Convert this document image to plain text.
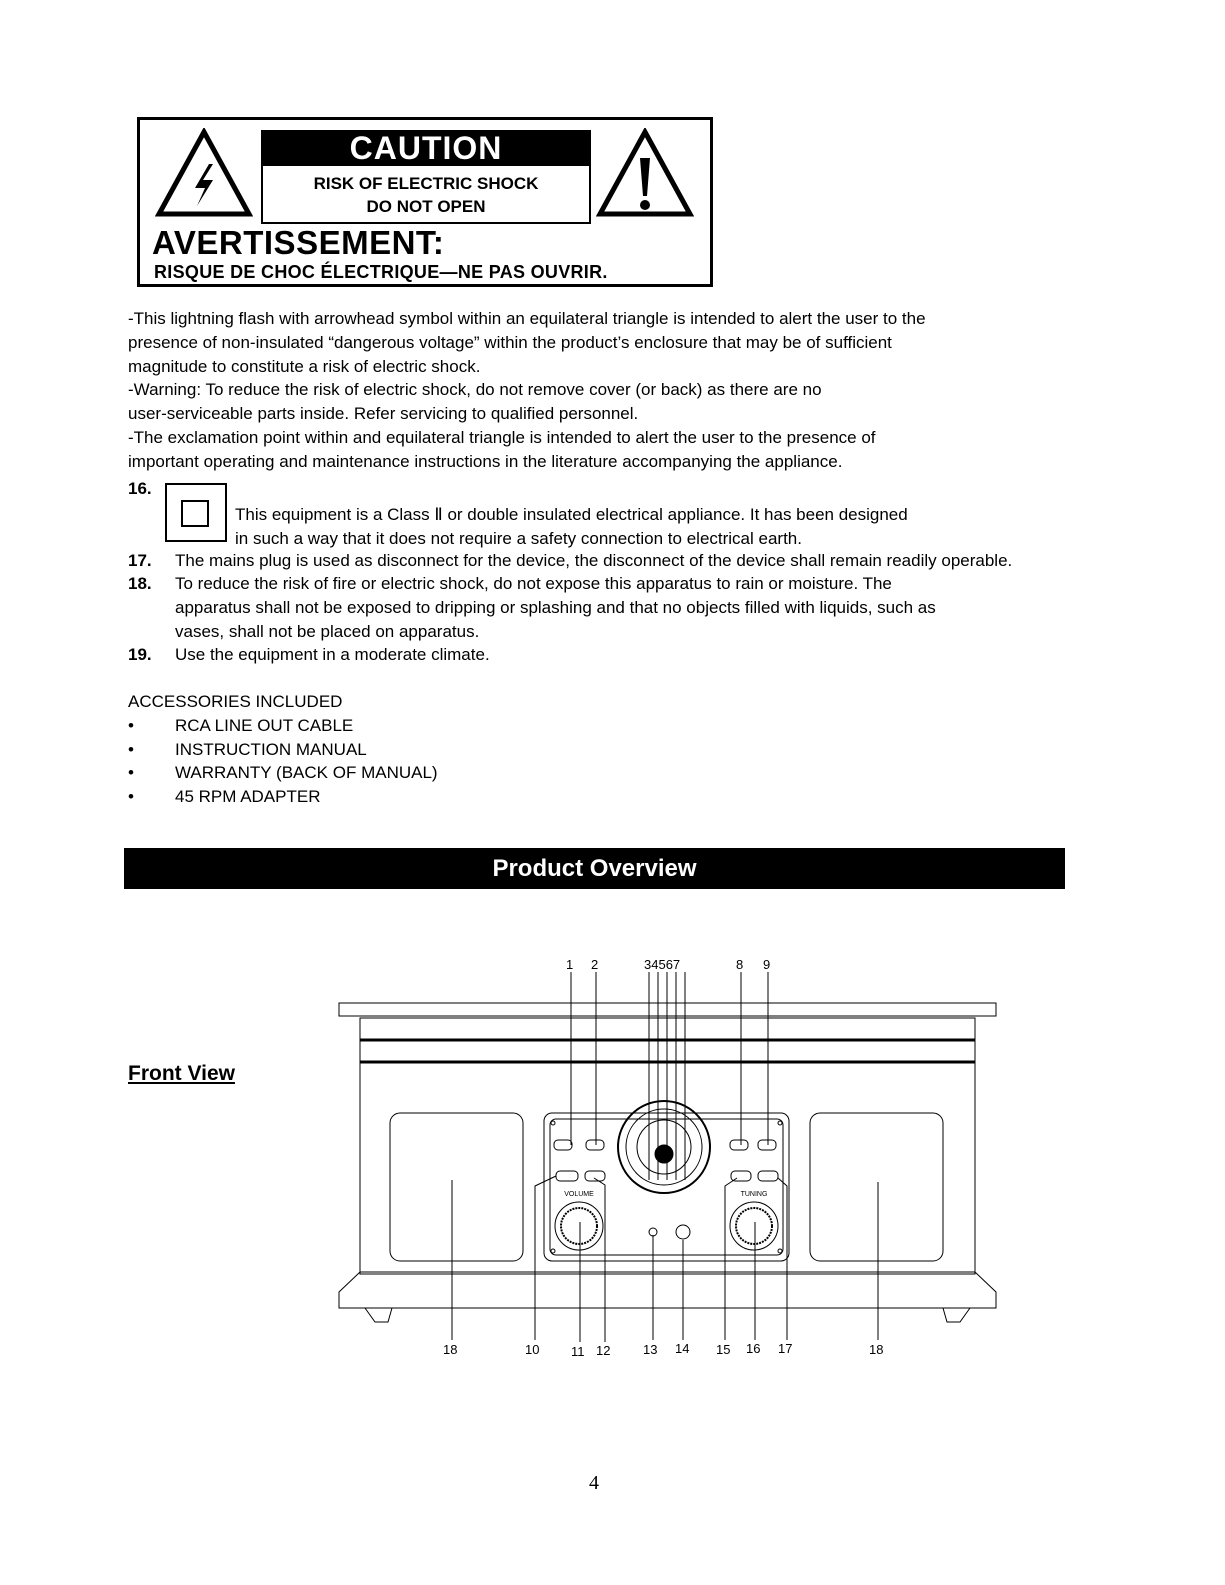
CAUTION
RISK OF ELECTRIC SHOCK
DO NOT OPEN
AVERTISSEMENT:
RISQUE DE CHOC ÉLECTRIQUE—NE PAS OUVRIR.
-This lightning flash with arrowhead symbol within an equilateral triangle is intended to alert the user to the
presence of non-insulated “dangerous voltage” within the product’s enclosure that may be of sufficient
magnitude to constitute a risk of electric shock.
-Warning: To reduce the risk of electric shock, do not remove cover (or back) as there are no
user-serviceable parts inside. Refer servicing to qualified personnel.
-The exclamation point within and equilateral triangle is intended to alert the user to the presence of
important operating and maintenance instructions in the literature accompanying the appliance.
16.
This equipment is a Class Ⅱ or double insulated electrical appliance. It has been designed
in such a way that it does not require a safety connection to electrical earth.
17. The mains plug is used as disconnect for the device, the disconnect of the device shall remain readily operable.
18. To reduce the risk of fire or electric shock, do not expose this apparatus to rain or moisture. The
apparatus shall not be exposed to dripping or splashing and that no objects filled with liquids, such as
vases, shall not be placed on apparatus.
19. Use the equipment in a moderate climate.
ACCESSORIES INCLUDED
• RCA LINE OUT CABLE
• INSTRUCTION MANUAL
• WARRANTY (BACK OF MANUAL)
• 45 RPM ADAPTER
Product Overview
Front View
VOLUME	TUNING
1 2	34567	8 9
18	10 11 12	13 14 15 16 17	18
4
